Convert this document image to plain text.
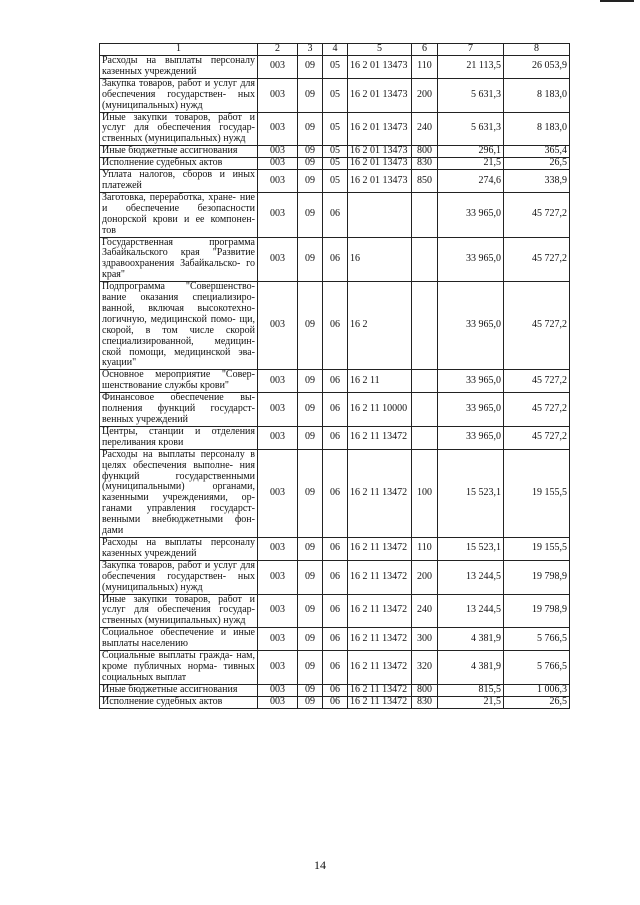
1	2	3	4	5	6	7	8
Расходы на выплаты персоналу казенных учреждений	003	09	05	16 2 01 13473	110	21 113,5	26 053,9
Закупка товаров, работ и услуг для обеспечения государствен- ных (муниципальных) нужд	003	09	05	16 2 01 13473	200	5 631,3	8 183,0
Иные закупки товаров, работ и услуг для обеспечения государ- ственных (муниципальных) нужд	003	09	05	16 2 01 13473	240	5 631,3	8 183,0
Иные бюджетные ассигнования	003	09	05	16 2 01 13473	800	296,1	365,4
Исполнение судебных актов	003	09	05	16 2 01 13473	830	21,5	26,5
Уплата налогов, сборов и иных платежей	003	09	05	16 2 01 13473	850	274,6	338,9
Заготовка, переработка, хране- ние и обеспечение безопасности донорской крови и ее компонен- тов	003	09	06			33 965,0	45 727,2
Государственная программа Забайкальского края "Развитие здравоохранения Забайкальско- го края"	003	09	06	16		33 965,0	45 727,2
Подпрограмма "Совершенство- вание оказания специализиро- ванной, включая высокотехно- логичную, медицинской помо- щи, скорой, в том числе скорой специализированной, медицин- ской помощи, медицинской эва- куации"	003	09	06	16 2		33 965,0	45 727,2
Основное мероприятие "Совер- шенствование службы крови"	003	09	06	16 2 11		33 965,0	45 727,2
Финансовое обеспечение вы- полнения функций государст- венных учреждений	003	09	06	16 2 11 10000		33 965,0	45 727,2
Центры, станции и отделения переливания крови	003	09	06	16 2 11 13472		33 965,0	45 727,2
Расходы на выплаты персоналу в целях обеспечения выполне- ния функций государственными (муниципальными) органами, казенными учреждениями, ор- ганами управления государст- венными внебюджетными фон- дами	003	09	06	16 2 11 13472	100	15 523,1	19 155,5
Расходы на выплаты персоналу казенных учреждений	003	09	06	16 2 11 13472	110	15 523,1	19 155,5
Закупка товаров, работ и услуг для обеспечения государствен- ных (муниципальных) нужд	003	09	06	16 2 11 13472	200	13 244,5	19 798,9
Иные закупки товаров, работ и услуг для обеспечения государ- ственных (муниципальных) нужд	003	09	06	16 2 11 13472	240	13 244,5	19 798,9
Социальное обеспечение и иные выплаты населению	003	09	06	16 2 11 13472	300	4 381,9	5 766,5
Социальные выплаты гражда- нам, кроме публичных норма- тивных социальных выплат	003	09	06	16 2 11 13472	320	4 381,9	5 766,5
Иные бюджетные ассигнования	003	09	06	16 2 11 13472	800	815,5	1 006,3
Исполнение судебных актов	003	09	06	16 2 11 13472	830	21,5	26,5
14
